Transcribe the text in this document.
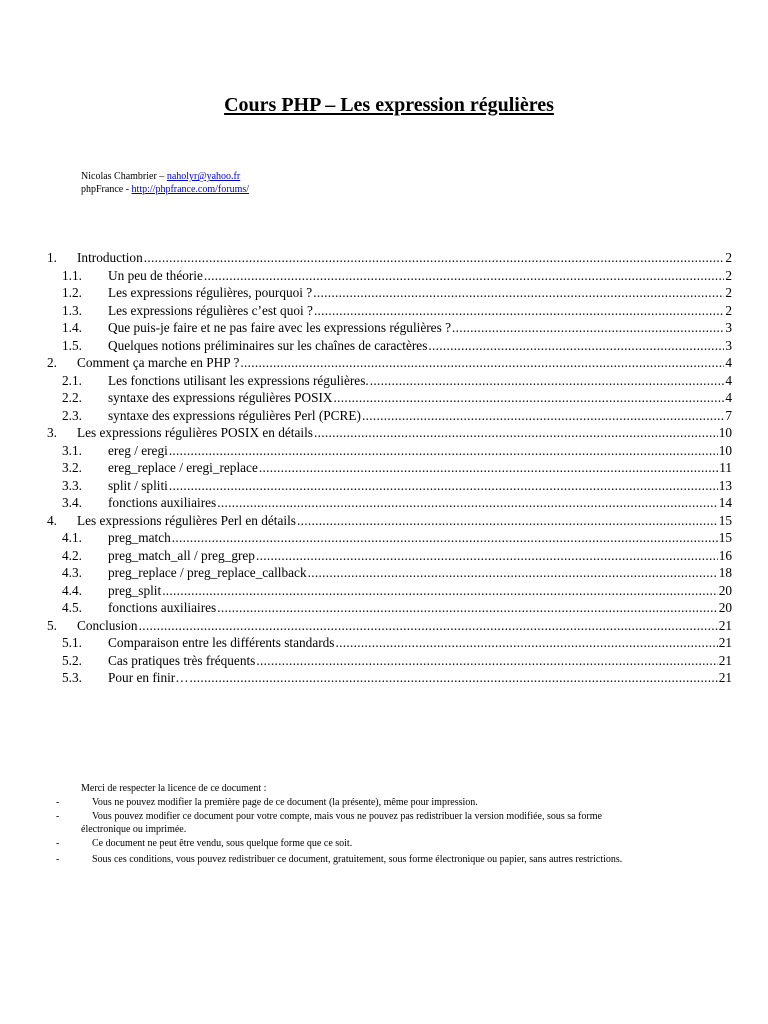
Cours PHP – Les expression régulières
Nicolas Chambrier – naholyr@yahoo.fr
phpFrance - http://phpfrance.com/forums/
1.	Introduction .....	2
1.1.	Un peu de théorie .....	2
1.2.	Les expressions régulières, pourquoi ? .....	2
1.3.	Les expressions régulières c’est quoi ? .....	2
1.4.	Que puis-je faire et ne pas faire avec les expressions régulières ? .....	3
1.5.	Quelques notions préliminaires sur les chaînes de caractères .....	3
2.	Comment ça marche en PHP ? .....	4
2.1.	Les fonctions utilisant les expressions régulières. .....	4
2.2.	syntaxe des expressions régulières POSIX .....	4
2.3.	syntaxe des expressions régulières Perl (PCRE) .....	7
3.	Les expressions régulières POSIX en détails .....	10
3.1.	ereg / eregi .....	10
3.2.	ereg_replace / eregi_replace .....	11
3.3.	split / spliti .....	13
3.4.	fonctions auxiliaires .....	14
4.	Les expressions régulières Perl en détails .....	15
4.1.	preg_match .....	15
4.2.	preg_match_all / preg_grep .....	16
4.3.	preg_replace / preg_replace_callback .....	18
4.4.	preg_split .....	20
4.5.	fonctions auxiliaires .....	20
5.	Conclusion .....	21
5.1.	Comparaison entre les différents standards .....	21
5.2.	Cas pratiques très fréquents .....	21
5.3.	Pour en finir… .....	21
Merci de respecter la licence de ce document :
-	Vous ne pouvez modifier la première page de ce document (la présente), même pour impression.
-	Vous pouvez modifier ce document pour votre compte, mais vous ne pouvez pas redistribuer la version modifiée, sous sa forme
électronique ou imprimée.
-	Ce document ne peut être vendu, sous quelque forme que ce soit.
-	Sous ces conditions, vous pouvez redistribuer ce document, gratuitement, sous forme électronique ou papier, sans autres restrictions.
